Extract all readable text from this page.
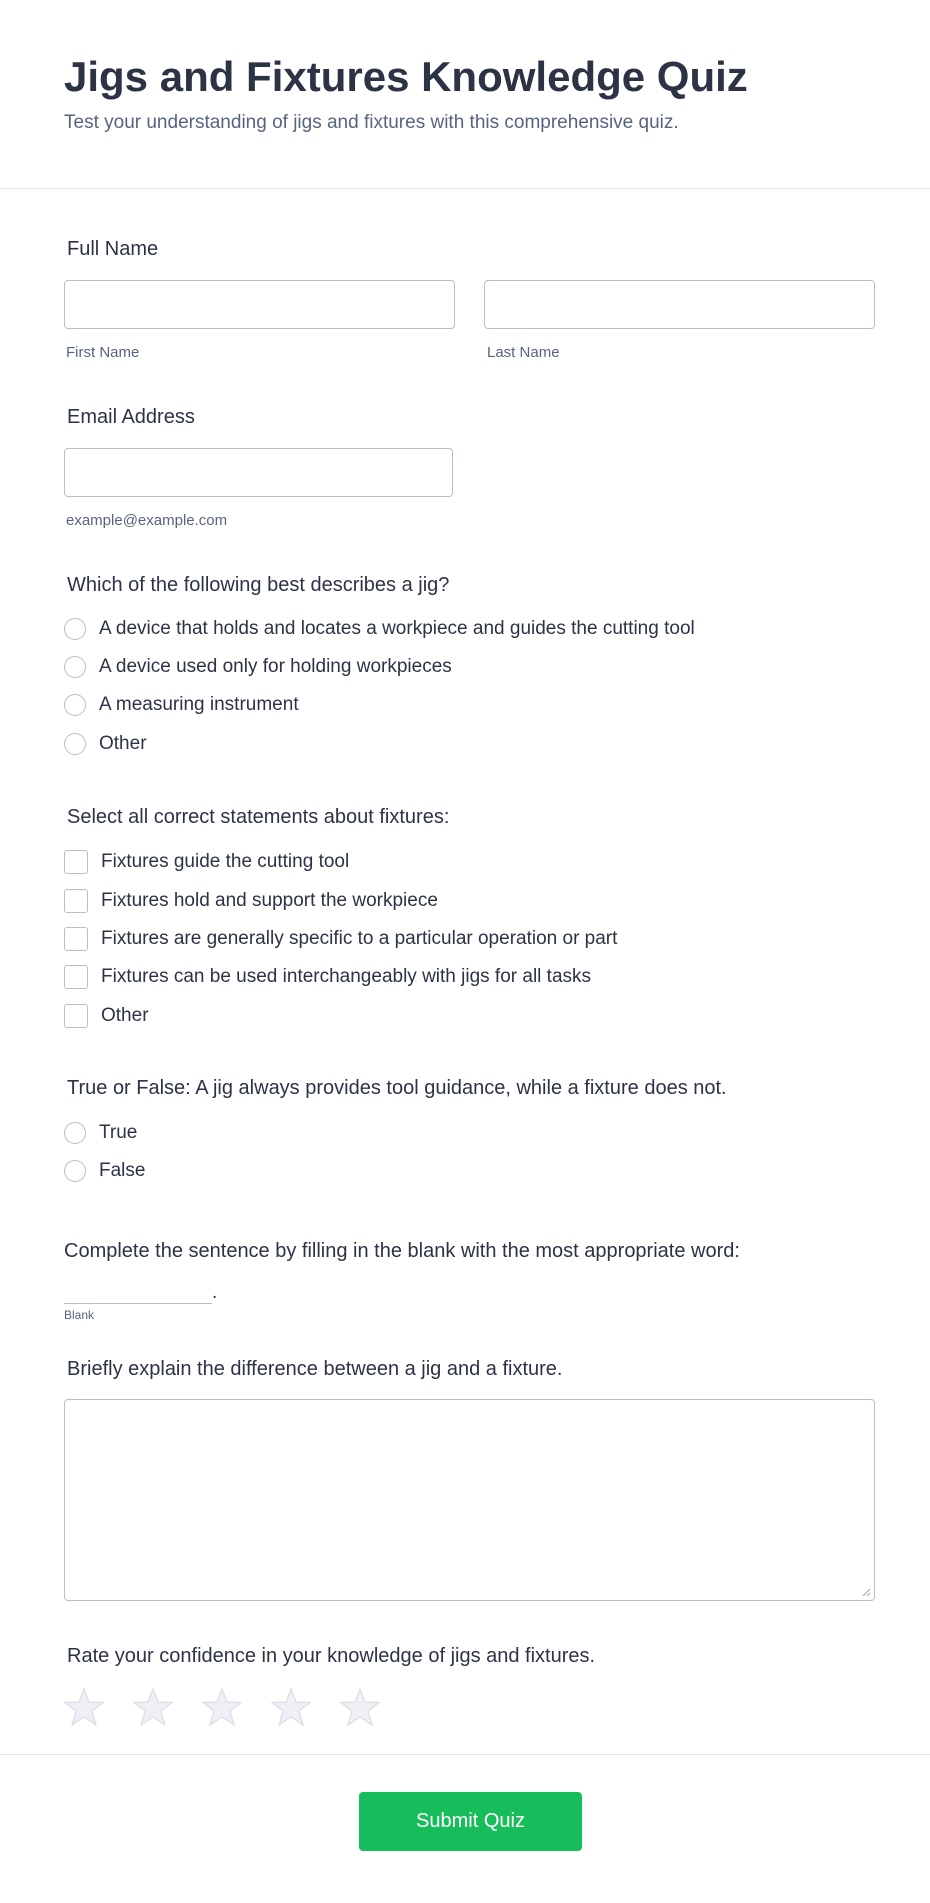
Jigs and Fixtures Knowledge Quiz
Test your understanding of jigs and fixtures with this comprehensive quiz.
Full Name
First Name	Last Name
Email Address
example@example.com
Which of the following best describes a jig?
A device that holds and locates a workpiece and guides the cutting tool
A device used only for holding workpieces
A measuring instrument
Other
Select all correct statements about fixtures:
Fixtures guide the cutting tool
Fixtures hold and support the workpiece
Fixtures are generally specific to a particular operation or part
Fixtures can be used interchangeably with jigs for all tasks
Other
True or False: A jig always provides tool guidance, while a fixture does not.
True
False
Complete the sentence by filling in the blank with the most appropriate word:
.
Blank
Briefly explain the difference between a jig and a fixture.
Rate your confidence in your knowledge of jigs and fixtures.
Submit Quiz
